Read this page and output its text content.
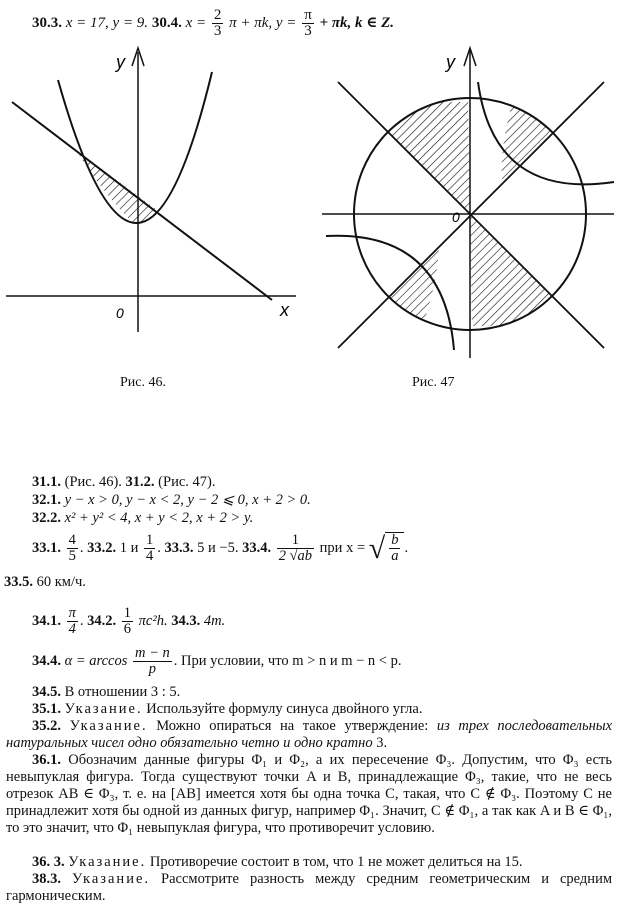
30.3. x = 17, y = 9. 30.4. $x = \frac{2}{3}$ π + πk, $y = \frac{\pi}{3} + \pi k$, k ∈ Z.
y
x
0
Рис. 46.
y
0
Рис. 47
31.1. (Рис. 46). 31.2. (Рис. 47).
32.1. y − x > 0, y − x < 2, y − 2 ⩽ 0, x + 2 > 0.
32.2. x² + y² < 4, x + y < 2, x + 2 > y.
33.1. $\frac{4}{5}$ . 33.2. 1 и $\frac{1}{4}$ . 33.3. 5 и −5. 33.4. $\frac{1}{2 √ab}$ при x = √ $\frac{b}{a}$ .
33.5. 60 км/ч.
34.1. $\frac{\pi}{4}$ . 34.2. $\frac{1}{6} \pi c^2h$. 34.3. 4m.
34.4. $\alpha = \arccos \frac{m - n}{p}$ . При условии, что m > n и m − n < p.
34.5. В отношении 3 : 5.
35.1. Указание. Используйте формулу синуса двойного угла.
35.2. Указание. Можно опираться на такое утверждение: из трех последовательных натуральных чисел одно обязательно четно и одно кратно 3.
36.1. Обозначим данные фигуры Φ₁ и Φ₂, а их пересечение Φ₃. Допустим, что Φ₃ есть невыпуклая фигура. Тогда существуют точки A и B, принадлежащие Φ₃, такие, что не весь отрезок AB ∈ Φ₃, т. е. на [AB] имеется хотя бы одна точка C, такая, что C ∉ Φ₃. Поэтому C не принадлежит хотя бы одной из данных фигур, например Φ₁. Значит, C ∉ Φ₁, а так как A и B ∈ Φ₁, то это значит, что Φ₁ невыпуклая фигура, что противоречит условию.
36. 3. Указание. Противоречие состоит в том, что 1 не может делиться на 15.
38.3. Указание. Рассмотрите разность между средним геометрическим и средним гармоническим.
